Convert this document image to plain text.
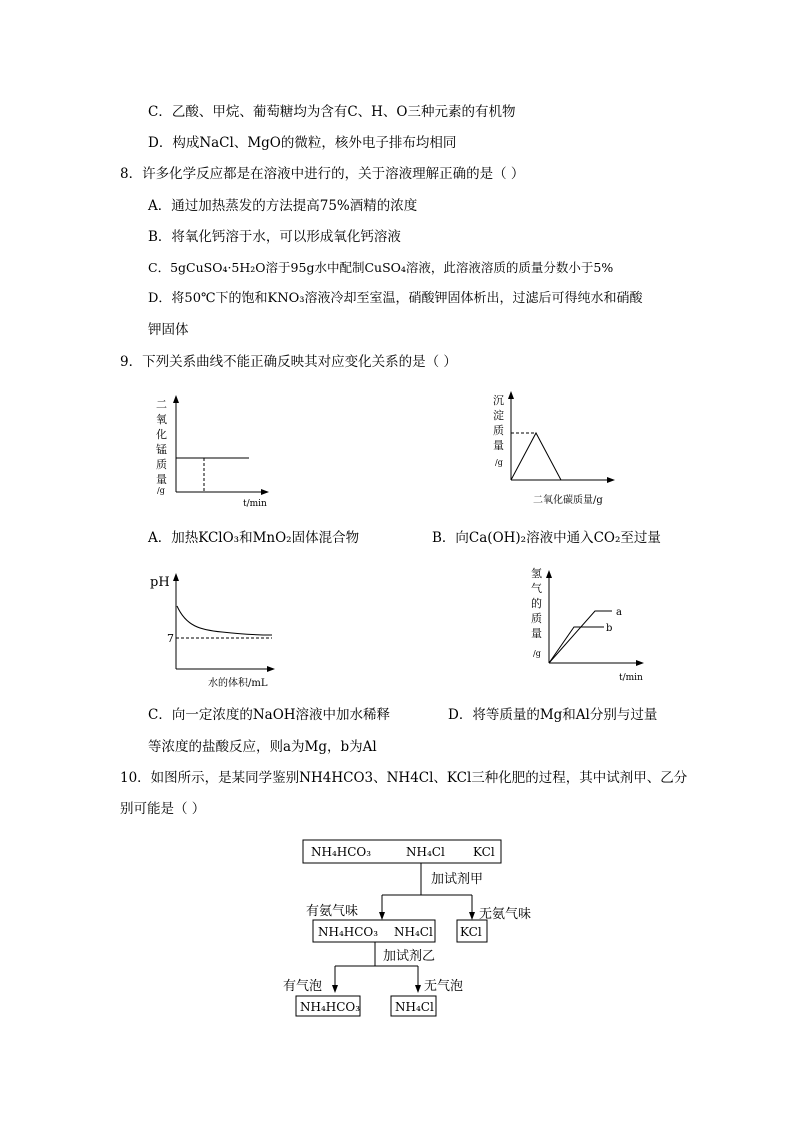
C．乙酸、甲烷、葡萄糖均为含有C、H、O三种元素的有机物
D．构成NaCl、MgO的微粒，核外电子排布均相同
8．许多化学反应都是在溶液中进行的，关于溶液理解正确的是（ ）
A．通过加热蒸发的方法提高75%酒精的浓度
B．将氧化钙溶于水，可以形成氧化钙溶液
C．5gCuSO₄·5H₂O溶于95g水中配制CuSO₄溶液，此溶液溶质的质量分数小于5%
D．将50℃下的饱和KNO₃溶液冷却至室温，硝酸钾固体析出，过滤后可得纯水和硝酸
钾固体
9．下列关系曲线不能正确反映其对应变化关系的是（ ）
二
氧
化
锰
质
量
/g
t/min
沉
淀
质
量
/g
二氧化碳质量/g
A．加热KClO₃和MnO₂固体混合物	B．向Ca(OH)₂溶液中通入CO₂至过量
pH
7
水的体积/mL
氢
气
的
质
量
/g
a
b
t/min
C．向一定浓度的NaOH溶液中加水稀释	D．将等质量的Mg和Al分别与过量
等浓度的盐酸反应，则a为Mg，b为Al
10．如图所示，是某同学鉴别NH4HCO3、NH4Cl、KCl三种化肥的过程，其中试剂甲、乙分
别可能是（ ）
NH₄HCO₃	NH₄Cl KCl
加试剂甲
有氨气味	无氨气味
NH₄HCO₃ NH₄Cl KCl
加试剂乙
有气泡	无气泡
NH₄HCO₃	NH₄Cl
